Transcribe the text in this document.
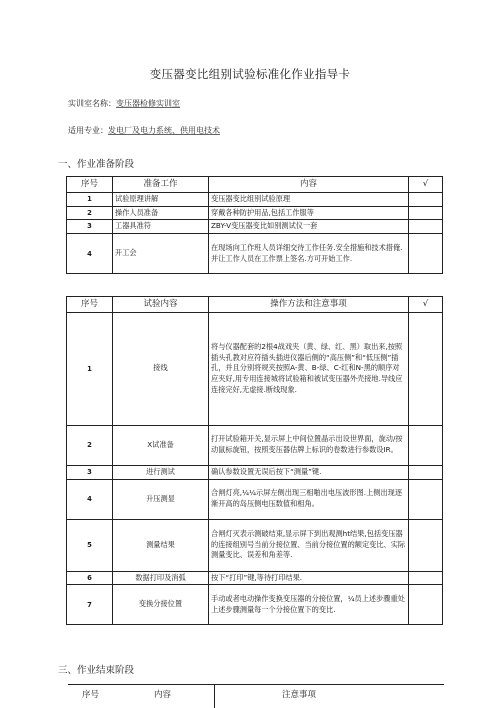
变压器变比组别试验标准化作业指导卡
实训室名称：变压器检修实训室
适用专业：发电厂及电力系统、供用电技术
一、作业准备阶段
序号	准备工作	内容	√
1	试验原理讲解	变压器变比组别试验原理	
2	操作人员准备	穿戴各种防护用品,包括工作服等	
3	工器具准符	ZBY-V变压器变比如别测试仪一套	
4	开工会	在现场向工作班人员详细交待工作任务.安全措施和技术措俺.并让工作人员在工作票上签名.方可开始工作.	
序号	试验内容	操作方法和注意事项	√
1	接线	将与仪器配套的2根4战戏夹（黄、绿、红、黑）取出来,按照插头孔教对应符插头插进仪器后侧的“高压侧”和“低压侧”插孔，并且分别将规夹按照A-黄、B-绿、C-红和N-黑的顺序对应夹好,用专用连接城将试验箱和被试变压器外壳接地.导线应连接完好,无虚接.断线现象.	
2	X试准备	打开试验箱开关,显示屏上中间位置晶示出设世界面，旋动/按动鼠标旋钮，按照变压器估牌上标识的卷数进行参数设IR。	
3	进行测试	确认参数设置无误后按下“测量”键.	
4	升压测显	合闸灯亮,¼¼示屏左侧出现三相啪出电压波形图.上侧出现逐渐开高的岛压侧电压数值和相角。	
5	测量结果	合闸灯灭表示测破结束,显示屏下到出观测ht结果,包括变压器的连接组别号当前分接位置、当前分接位置的额定变比、实际测量变比、误差和角差等.	
6	数据打印及消弧	按下“打印”键,等待打印结果.	
7	变换分接位置	手动或者电动操作变换变压器的分接位置，¼员上述步骤重处上述步骤测量每一个分接位置下的变比.	
三、作业结束阶段
序号	内容	注意事项
